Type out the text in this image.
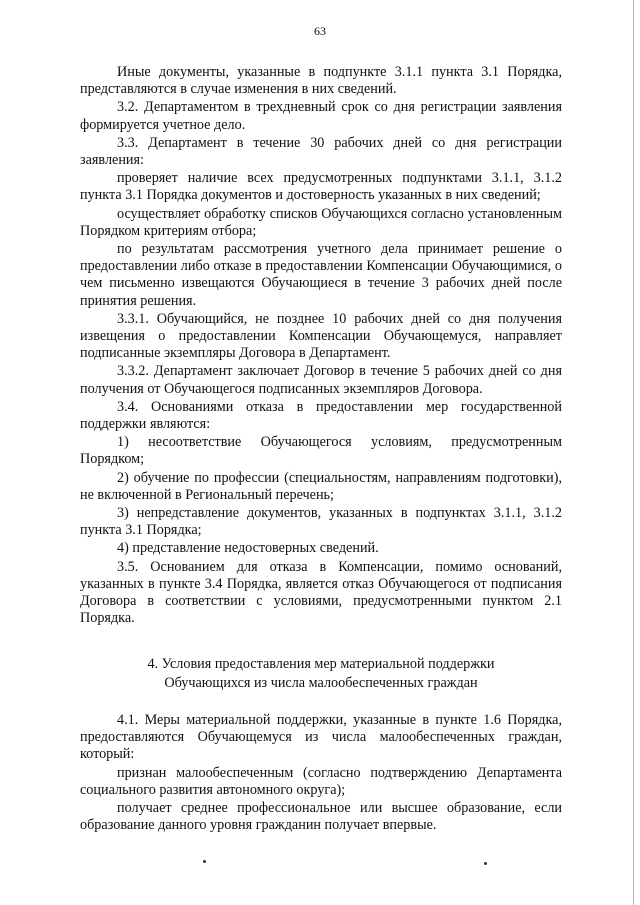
63

Иные документы, указанные в подпункте 3.1.1 пункта 3.1 Порядка, представляются в случае изменения в них сведений.

3.2. Департаментом в трехдневный срок со дня регистрации заявления формируется учетное дело.

3.3. Департамент в течение 30 рабочих дней со дня регистрации заявления:

проверяет наличие всех предусмотренных подпунктами 3.1.1, 3.1.2 пункта 3.1 Порядка документов и достоверность указанных в них сведений;

осуществляет обработку списков Обучающихся согласно установленным Порядком критериям отбора;

по результатам рассмотрения учетного дела принимает решение о предоставлении либо отказе в предоставлении Компенсации Обучающимися, о чем письменно извещаются Обучающиеся в течение 3 рабочих дней после принятия решения.

3.3.1. Обучающийся, не позднее 10 рабочих дней со дня получения извещения о предоставлении Компенсации Обучающемуся, направляет подписанные экземпляры Договора в Департамент.

3.3.2. Департамент заключает Договор в течение 5 рабочих дней со дня получения от Обучающегося подписанных экземпляров Договора.

3.4. Основаниями отказа в предоставлении мер государственной поддержки являются:

1) несоответствие Обучающегося условиям, предусмотренным Порядком;

2) обучение по профессии (специальностям, направлениям подготовки), не включенной в Региональный перечень;

3) непредставление документов, указанных в подпунктах 3.1.1, 3.1.2 пункта 3.1 Порядка;

4) представление недостоверных сведений.

3.5. Основанием для отказа в Компенсации, помимо оснований, указанных в пункте 3.4 Порядка, является отказ Обучающегося от подписания Договора в соответствии с условиями, предусмотренными пунктом 2.1 Порядка.

4. Условия предоставления мер материальной поддержки
Обучающихся из числа малообеспеченных граждан

4.1. Меры материальной поддержки, указанные в пункте 1.6 Порядка, предоставляются Обучающемуся из числа малообеспеченных граждан, который:

признан малообеспеченным (согласно подтверждению Департамента социального развития автономного округа);

получает среднее профессиональное или высшее образование, если образование данного уровня гражданин получает впервые.
